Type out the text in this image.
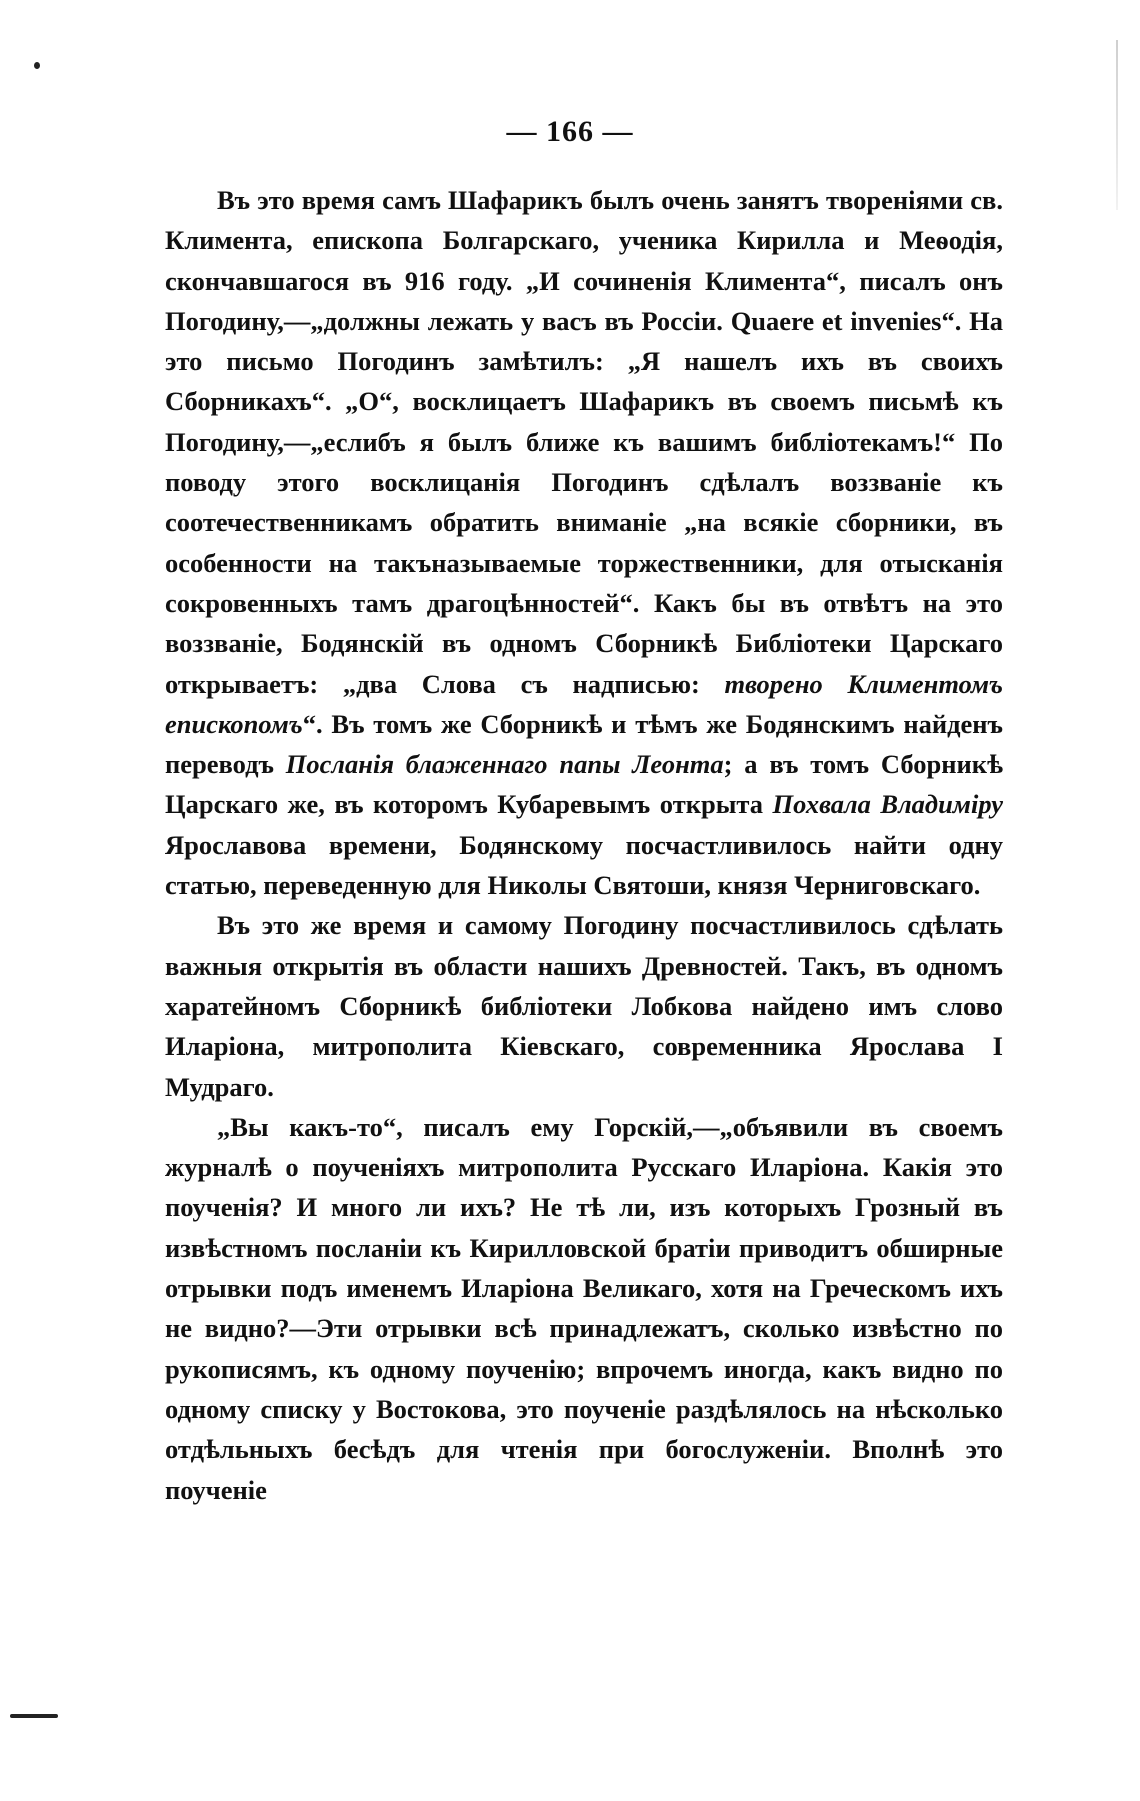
— 166 —

Въ это время самъ Шафарикъ былъ очень занятъ твореніями св. Климента, епископа Болгарскаго, ученика Кирилла и Меѳодія, скончавшагося въ 916 году. „И сочиненія Климента“, писалъ онъ Погодину,—„должны лежать у васъ въ Россіи. Quaere et invenies“. На это письмо Погодинъ замѣтилъ: „Я нашелъ ихъ въ своихъ Сборникахъ“. „О“, восклицаетъ Шафарикъ въ своемъ письмѣ къ Погодину,—„еслибъ я былъ ближе къ вашимъ библіотекамъ!“ По поводу этого восклицанія Погодинъ сдѣлалъ воззваніе къ соотечественникамъ обратить вниманіе „на всякіе сборники, въ особенности на такъназываемые торжественники, для отысканія сокровенныхъ тамъ драгоцѣнностей“. Какъ бы въ отвѣтъ на это воззваніе, Бодянскій въ одномъ Сборникѣ Библіотеки Царскаго открываетъ: „два Слова съ надписью: творено Климентомъ епископомъ“. Въ томъ же Сборникѣ и тѣмъ же Бодянскимъ найденъ переводъ Посланія блаженнаго папы Леонта; а въ томъ Сборникѣ Царскаго же, въ которомъ Кубаревымъ открыта Похвала Владиміру Ярославова времени, Бодянскому посчастливилось найти одну статью, переведенную для Николы Святоши, князя Черниговскаго.

Въ это же время и самому Погодину посчастливилось сдѣлать важныя открытія въ области нашихъ Древностей. Такъ, въ одномъ харатейномъ Сборникѣ библіотеки Лобкова найдено имъ слово Иларіона, митрополита Кіевскаго, современника Ярослава I Мудраго.

„Вы какъ-то“, писалъ ему Горскій,—„объявили въ своемъ журналѣ о поученіяхъ митрополита Русскаго Иларіона. Какія это поученія? И много ли ихъ? Не тѣ ли, изъ которыхъ Грозный въ извѣстномъ посланіи къ Кирилловской братіи приводитъ обширные отрывки подъ именемъ Иларіона Великаго, хотя на Греческомъ ихъ не видно?—Эти отрывки всѣ принадлежатъ, сколько извѣстно по рукописямъ, къ одному поученію; впрочемъ иногда, какъ видно по одному списку у Востокова, это поученіе раздѣлялось на нѣсколько отдѣльныхъ бесѣдъ для чтенія при богослуженіи. Вполнѣ это поученіе
